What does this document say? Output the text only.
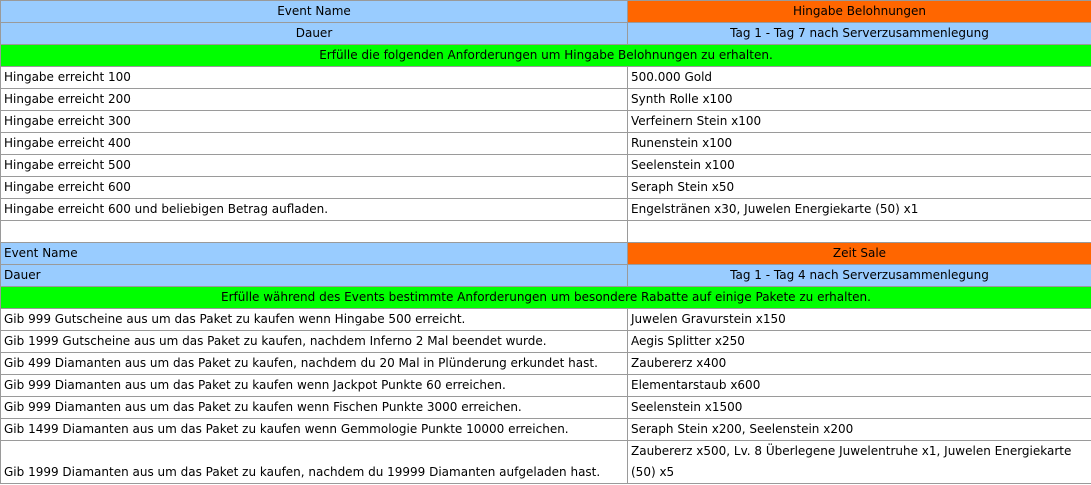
Event Name	Hingabe Belohnungen
Dauer	Tag 1 - Tag 7 nach Serverzusammenlegung
Erfülle die folgenden Anforderungen um Hingabe Belohnungen zu erhalten.	
Hingabe erreicht 100	500.000 Gold
Hingabe erreicht 200	Synth Rolle x100
Hingabe erreicht 300	Verfeinern Stein x100
Hingabe erreicht 400	Runenstein x100
Hingabe erreicht 500	Seelenstein x100
Hingabe erreicht 600	Seraph Stein x50
Hingabe erreicht 600 und beliebigen Betrag aufladen.	Engelstränen x30, Juwelen Energiekarte (50) x1

Event Name	Zeit Sale
Dauer	Tag 1 - Tag 4 nach Serverzusammenlegung
Erfülle während des Events bestimmte Anforderungen um besondere Rabatte auf einige Pakete zu erhalten.	
Gib 999 Gutscheine aus um das Paket zu kaufen wenn Hingabe 500 erreicht.	Juwelen Gravurstein x150
Gib 1999 Gutscheine aus um das Paket zu kaufen, nachdem Inferno 2 Mal beendet wurde.	Aegis Splitter x250
Gib 499 Diamanten aus um das Paket zu kaufen, nachdem du 20 Mal in Plünderung erkundet hast.	Zaubererz x400
Gib 999 Diamanten aus um das Paket zu kaufen wenn Jackpot Punkte 60 erreichen.	Elementarstaub x600
Gib 999 Diamanten aus um das Paket zu kaufen wenn Fischen Punkte 3000 erreichen.	Seelenstein x1500
Gib 1499 Diamanten aus um das Paket zu kaufen wenn Gemmologie Punkte 10000 erreichen.	Seraph Stein x200, Seelenstein x200
Gib 1999 Diamanten aus um das Paket zu kaufen, nachdem du 19999 Diamanten aufgeladen hast.	Zaubererz x500, Lv. 8 Überlegene Juwelentruhe x1, Juwelen Energiekarte (50) x5
